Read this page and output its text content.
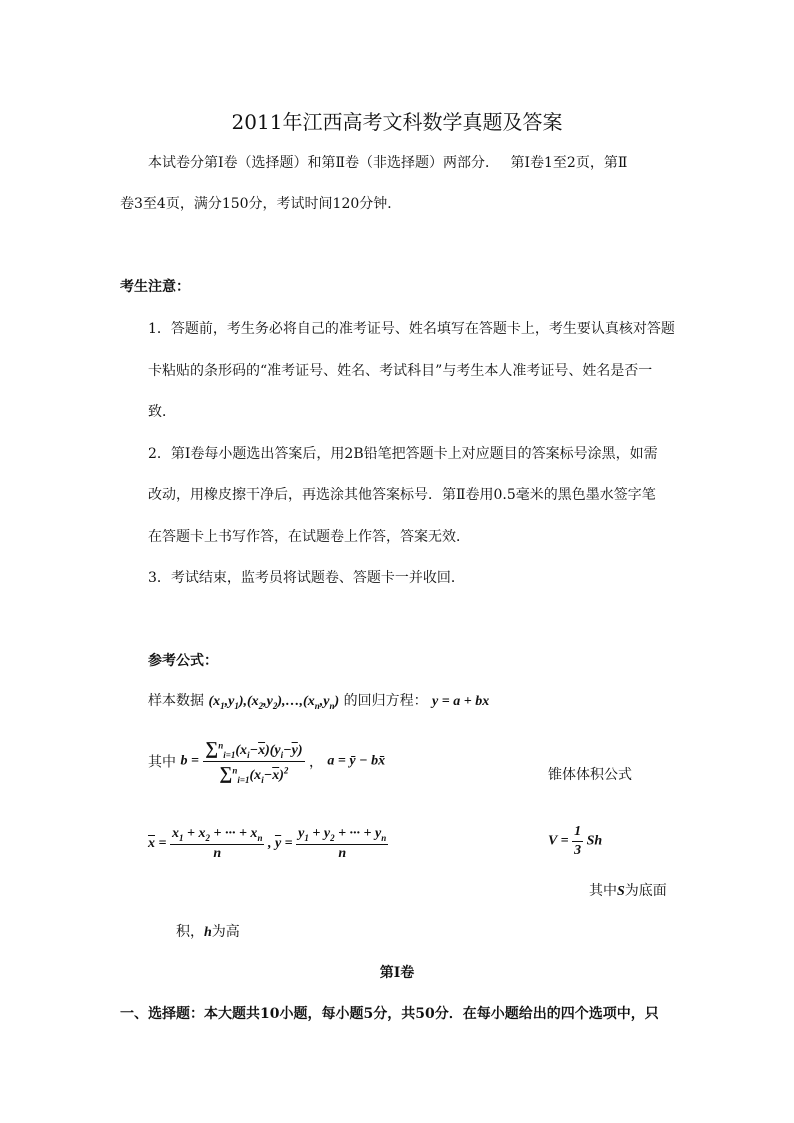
2011年江西高考文科数学真题及答案
本试卷分第Ⅰ卷（选择题）和第Ⅱ卷（非选择题）两部分．　 第Ⅰ卷1至2页，第Ⅱ
卷3至4页，满分150分，考试时间120分钟．
考生注意：
1．答题前，考生务必将自己的准考证号、姓名填写在答题卡上，考生要认真核对答题
卡粘贴的条形码的“准考证号、姓名、考试科目”与考生本人准考证号、姓名是否一
致．
2．第Ⅰ卷每小题选出答案后，用2B铅笔把答题卡上对应题目的答案标号涂黑，如需
改动，用橡皮擦干净后，再选涂其他答案标号．第Ⅱ卷用0.5毫米的黑色墨水签字笔
在答题卡上书写作答，在试题卷上作答，答案无效．
3．考试结束，监考员将试题卷、答题卡一并收回．
参考公式：
样本数据 $(x_1,y_1),(x_2,y_2),\dots,(x_n,y_n)$ 的回归方程： y = a + bx
其中 $b = \frac{\sum^n_{i=1}(x_i-\overline{x})(y_i-\overline{y})}{\sum^n_{i=1}(x_i-\overline{x})^2}$ ， a = ȳ − bx̄
锥体体积公式
$\overline{x} = \frac{x_1 + x_2 + \cdot\cdot\cdot + x_n}{n}$ , $\overline{y} = \frac{y_1 + y_2 + \cdot\cdot\cdot + y_n}{n}$	$V = \frac{1}{3}$ Sh
其中S为底面
积，h为高
第Ⅰ卷
一、选择题：本大题共10小题，每小题5分，共50分．在每小题给出的四个选项中，只
